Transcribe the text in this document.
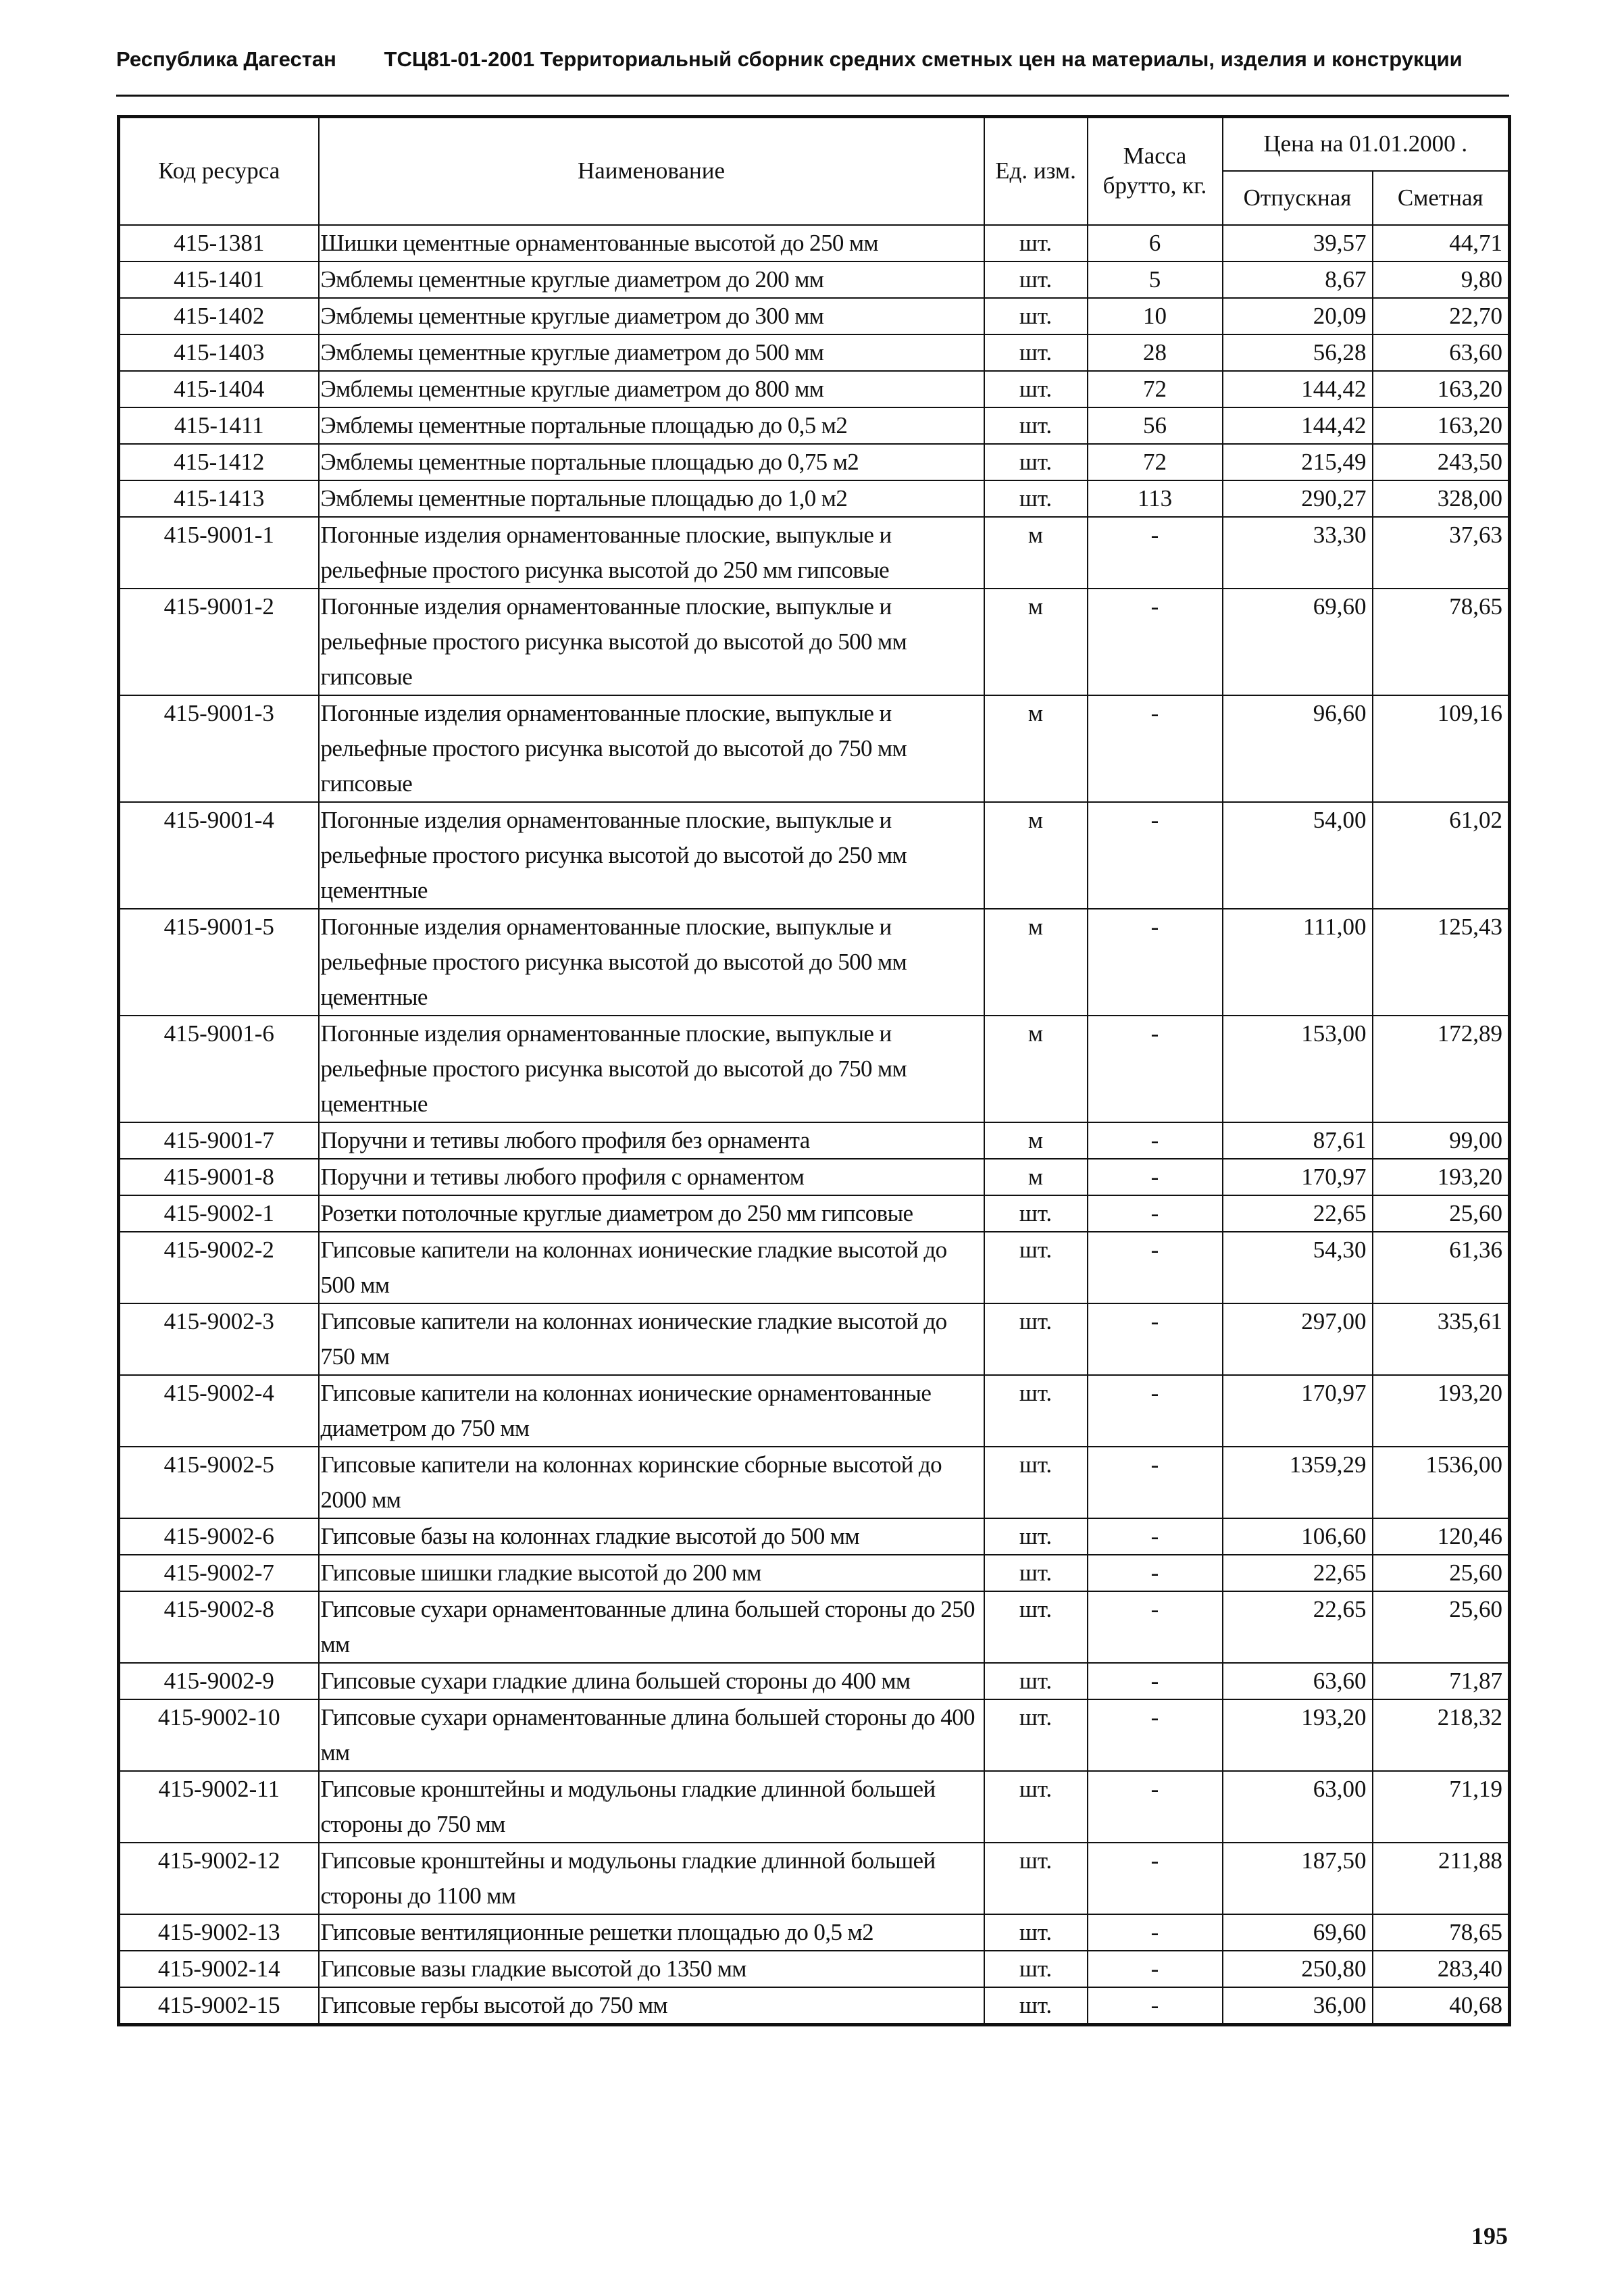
Республика Дагестан ТСЦ81-01-2001 Территориальный сборник средних сметных цен на материалы, изделия и конструкции
Код ресурса	Наименование	Ед. изм.	Масса брутто, кг.	Цена на 01.01.2000 .	
				Отпускная	Сметная
415-1381	Шишки цементные орнаментованные высотой до 250 мм	шт.	6	39,57	44,71
415-1401	Эмблемы цементные круглые диаметром до 200 мм	шт.	5	8,67	9,80
415-1402	Эмблемы цементные круглые диаметром до 300 мм	шт.	10	20,09	22,70
415-1403	Эмблемы цементные круглые диаметром до 500 мм	шт.	28	56,28	63,60
415-1404	Эмблемы цементные круглые диаметром до 800 мм	шт.	72	144,42	163,20
415-1411	Эмблемы цементные портальные площадью до 0,5 м2	шт.	56	144,42	163,20
415-1412	Эмблемы цементные портальные площадью до 0,75 м2	шт.	72	215,49	243,50
415-1413	Эмблемы цементные портальные площадью до 1,0 м2	шт.	113	290,27	328,00
415-9001-1	Погонные изделия орнаментованные плоские, выпуклые и рельефные простого рисунка высотой до 250 мм гипсовые	м	-	33,30	37,63
415-9001-2	Погонные изделия орнаментованные плоские, выпуклые и рельефные простого рисунка высотой до высотой до 500 мм гипсовые	м	-	69,60	78,65
415-9001-3	Погонные изделия орнаментованные плоские, выпуклые и рельефные простого рисунка высотой до высотой до 750 мм гипсовые	м	-	96,60	109,16
415-9001-4	Погонные изделия орнаментованные плоские, выпуклые и рельефные простого рисунка высотой до высотой до 250 мм цементные	м	-	54,00	61,02
415-9001-5	Погонные изделия орнаментованные плоские, выпуклые и рельефные простого рисунка высотой до высотой до 500 мм цементные	м	-	111,00	125,43
415-9001-6	Погонные изделия орнаментованные плоские, выпуклые и рельефные простого рисунка высотой до высотой до 750 мм цементные	м	-	153,00	172,89
415-9001-7	Поручни и тетивы любого профиля без орнамента	м	-	87,61	99,00
415-9001-8	Поручни и тетивы любого профиля с орнаментом	м	-	170,97	193,20
415-9002-1	Розетки потолочные круглые диаметром до 250 мм гипсовые	шт.	-	22,65	25,60
415-9002-2	Гипсовые капители на колоннах ионические гладкие высотой до 500 мм	шт.	-	54,30	61,36
415-9002-3	Гипсовые капители на колоннах ионические гладкие высотой до 750 мм	шт.	-	297,00	335,61
415-9002-4	Гипсовые капители на колоннах ионические орнаментованные диаметром до 750 мм	шт.	-	170,97	193,20
415-9002-5	Гипсовые капители на колоннах коринские сборные высотой до 2000 мм	шт.	-	1359,29	1536,00
415-9002-6	Гипсовые базы на колоннах гладкие высотой до 500 мм	шт.	-	106,60	120,46
415-9002-7	Гипсовые шишки гладкие высотой до 200 мм	шт.	-	22,65	25,60
415-9002-8	Гипсовые сухари орнаментованные длина большей стороны до 250 мм	шт.	-	22,65	25,60
415-9002-9	Гипсовые сухари гладкие длина большей стороны до 400 мм	шт.	-	63,60	71,87
415-9002-10	Гипсовые сухари орнаментованные длина большей стороны до 400 мм	шт.	-	193,20	218,32
415-9002-11	Гипсовые кронштейны и модульоны гладкие длинной большей стороны до 750 мм	шт.	-	63,00	71,19
415-9002-12	Гипсовые кронштейны и модульоны гладкие длинной большей стороны до 1100 мм	шт.	-	187,50	211,88
415-9002-13	Гипсовые вентиляционные решетки площадью до 0,5 м2	шт.	-	69,60	78,65
415-9002-14	Гипсовые вазы гладкие высотой до 1350 мм	шт.	-	250,80	283,40
415-9002-15	Гипсовые гербы высотой до 750 мм	шт.	-	36,00	40,68
195
